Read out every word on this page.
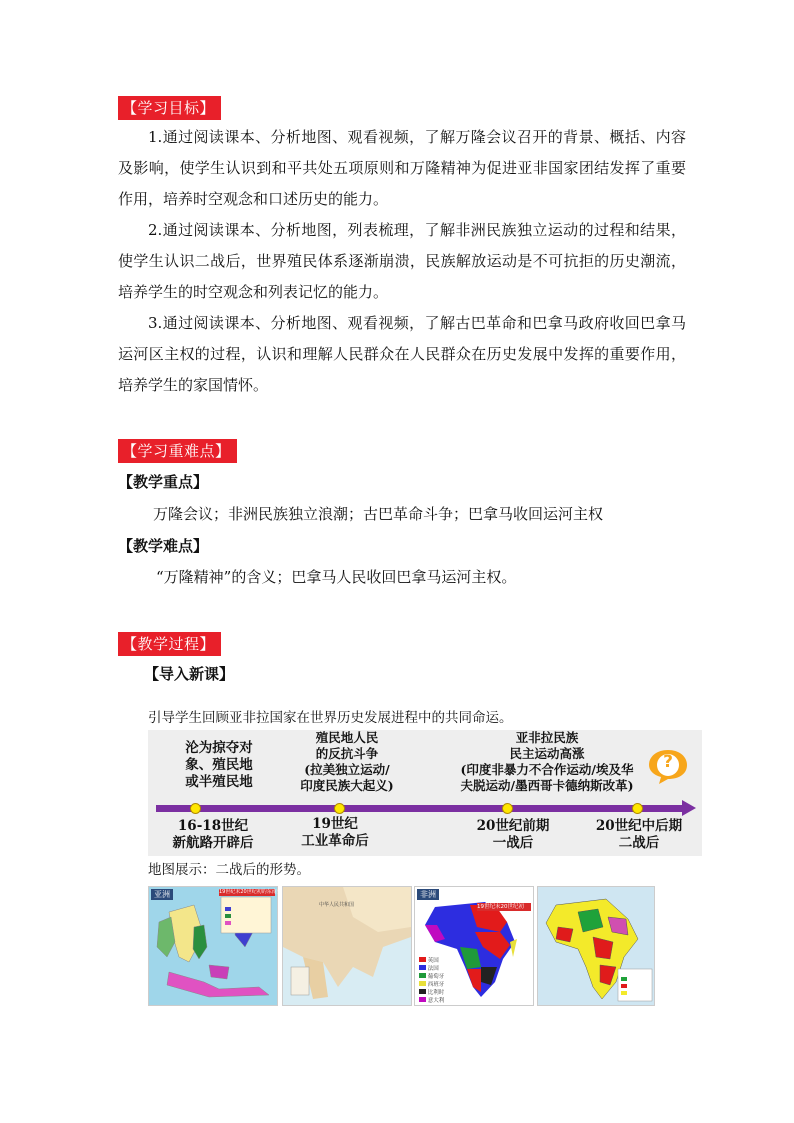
【学习目标】

1.通过阅读课本、分析地图、观看视频，了解万隆会议召开的背景、概括、内容及影响，使学生认识到和平共处五项原则和万隆精神为促进亚非国家团结发挥了重要作用，培养时空观念和口述历史的能力。

2.通过阅读课本、分析地图，列表梳理，了解非洲民族独立运动的过程和结果，使学生认识二战后，世界殖民体系逐渐崩溃，民族解放运动是不可抗拒的历史潮流，培养学生的时空观念和列表记忆的能力。

3.通过阅读课本、分析地图、观看视频，了解古巴革命和巴拿马政府收回巴拿马运河区主权的过程，认识和理解人民群众在人民群众在历史发展中发挥的重要作用，培养学生的家国情怀。

【学习重难点】
【教学重点】
万隆会议；非洲民族独立浪潮；古巴革命斗争；巴拿马收回运河主权
【教学难点】
“万隆精神”的含义；巴拿马人民收回巴拿马运河主权。
【教学过程】
【导入新课】
引导学生回顾亚非拉国家在世界历史发展进程中的共同命运。
沦为掠夺对
象、殖民地
或半殖民地
殖民地人民
的反抗斗争
(拉美独立运动/
印度民族大起义)
亚非拉民族
民主运动高涨
(印度非暴力不合作运动/埃及华
夫脱运动/墨西哥卡德纳斯改革)
?
16-18世纪
新航路开辟后
19世纪
工业革命后
20世纪前期
一战后
20世纪中后期
二战后
地图展示：二战后的形势。
亚洲	19世纪末20世纪初的东南亚
中华人民共和国
非洲
19世纪末20世纪初
英国
法国
葡萄牙
西班牙
比利时
意大利
